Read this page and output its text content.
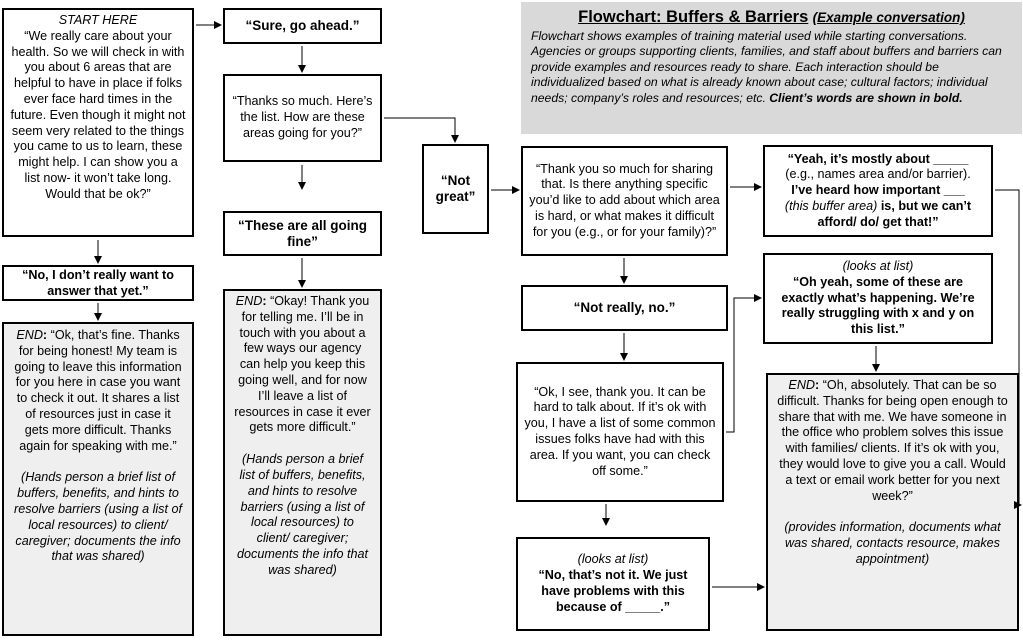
Flowchart: Buffers & Barriers (Example conversation)
Flowchart shows examples of training material used while starting conversations. Agencies or groups supporting clients, families, and staff about buffers and barriers can provide examples and resources ready to share. Each interaction should be individualized based on what is already known about case; cultural factors; individual needs; company’s roles and resources; etc. Client’s words are shown in bold.
START HERE
“We really care about your health. So we will check in with you about 6 areas that are helpful to have in place if folks ever face hard times in the future. Even though it might not seem very related to the things you came to us to learn, these might help. I can show you a list now- it won’t take long. Would that be ok?”
“No, I don’t really want to answer that yet.”
END: “Ok, that’s fine. Thanks for being honest! My team is going to leave this information for you here in case you want to check it out. It shares a list of resources just in case it gets more difficult. Thanks again for speaking with me.”
(Hands person a brief list of buffers, benefits, and hints to resolve barriers (using a list of local resources) to client/ caregiver; documents the info that was shared)
“Sure, go ahead.”
“Thanks so much. Here’s the list. How are these areas going for you?”
“These are all going fine”
END: “Okay! Thank you for telling me. I’ll be in touch with you about a few ways our agency can help you keep this going well, and for now I’ll leave a list of resources in case it ever gets more difficult.”
(Hands person a brief list of buffers, benefits, and hints to resolve barriers (using a list of local resources) to client/ caregiver; documents the info that was shared)
“Not great”
“Thank you so much for sharing that. Is there anything specific you’d like to add about which area is hard, or what makes it difficult for you (e.g., or for your family)?”
“Not really, no.”
“Ok, I see, thank you. It can be hard to talk about. If it’s ok with you, I have a list of some common issues folks have had with this area. If you want, you can check off some.”
(looks at list)
“No, that’s not it. We just have problems with this because of _____.”
“Yeah, it’s mostly about _____
(e.g., names area and/or barrier).
I’ve heard how important ___
(this buffer area) is, but we can’t afford/ do/ get that!”
(looks at list)
“Oh yeah, some of these are exactly what’s happening. We’re really struggling with x and y on this list.”
END: “Oh, absolutely. That can be so difficult. Thanks for being open enough to share that with me. We have someone in the office who problem solves this issue with families/ clients. If it’s ok with you, they would love to give you a call. Would a text or email work better for you next week?”
(provides information, documents what was shared, contacts resource, makes appointment)
